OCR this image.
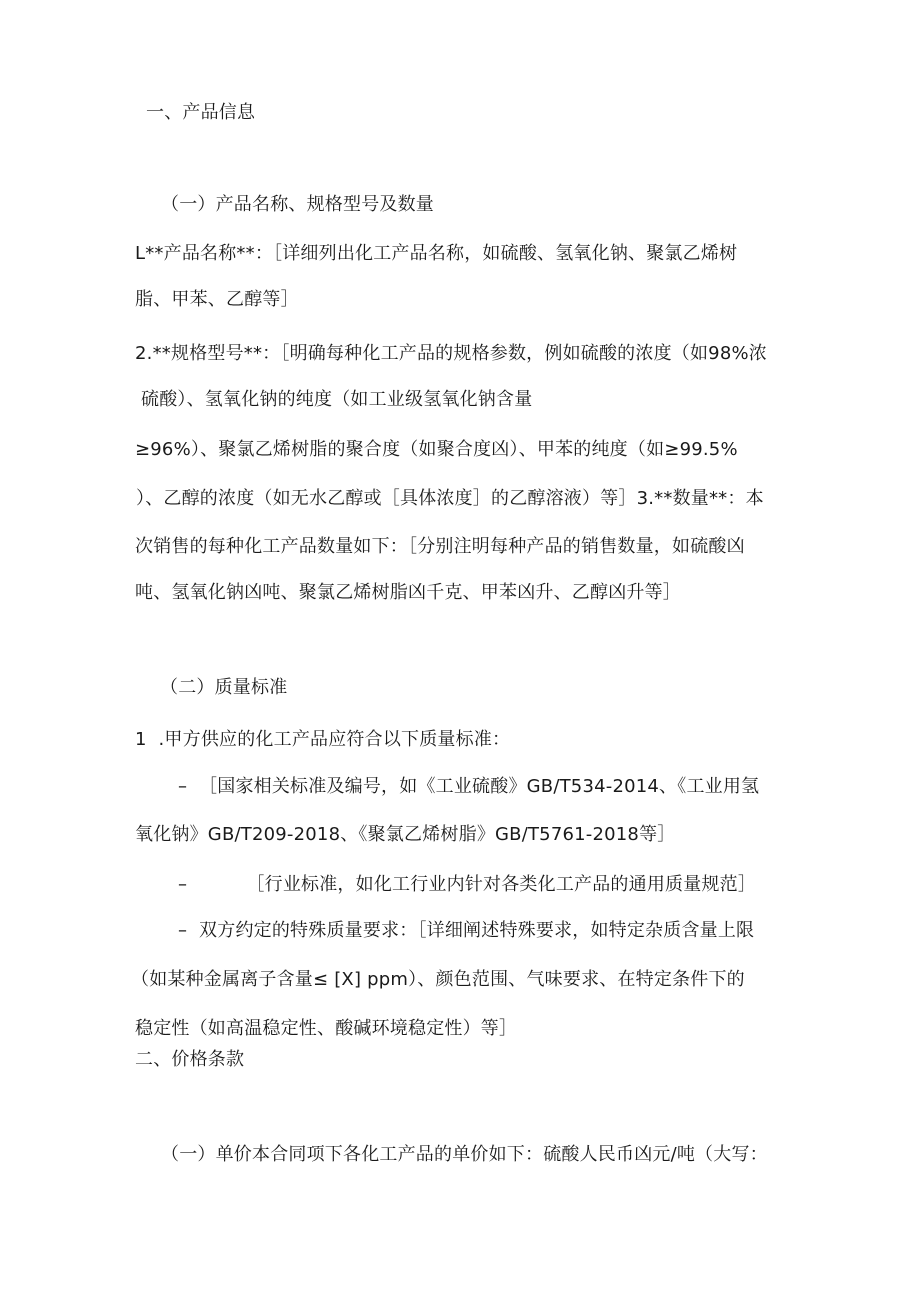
一、产品信息
（一）产品名称、规格型号及数量
L**产品名称**：［详细列出化工产品名称，如硫酸、氢氧化钠、聚氯乙烯树
脂、甲苯、乙醇等］
2.**规格型号**：［明确每种化工产品的规格参数，例如硫酸的浓度（如98%浓
硫酸）、氢氧化钠的纯度（如工业级氢氧化钠含量
≥96%）、聚氯乙烯树脂的聚合度（如聚合度凶）、甲苯的纯度（如≥99.5%
）、乙醇的浓度（如无水乙醇或［具体浓度］的乙醇溶液）等］3.**数量**：本
次销售的每种化工产品数量如下：［分别注明每种产品的销售数量，如硫酸凶
吨、氢氧化钠凶吨、聚氯乙烯树脂凶千克、甲苯凶升、乙醇凶升等］
（二）质量标准
1  .甲方供应的化工产品应符合以下质量标准：
–  ［国家相关标准及编号，如《工业硫酸》GB/T534-2014、《工业用氢
氧化钠》GB/T209-2018、《聚氯乙烯树脂》GB/T5761-2018等］
–          ［行业标准，如化工行业内针对各类化工产品的通用质量规范］
–  双方约定的特殊质量要求：［详细阐述特殊要求，如特定杂质含量上限
（如某种金属离子含量≤ [X] ppm）、颜色范围、气味要求、在特定条件下的
稳定性（如高温稳定性、酸碱环境稳定性）等］
二、价格条款
（一）单价本合同项下各化工产品的单价如下：硫酸人民币凶元/吨（大写：
